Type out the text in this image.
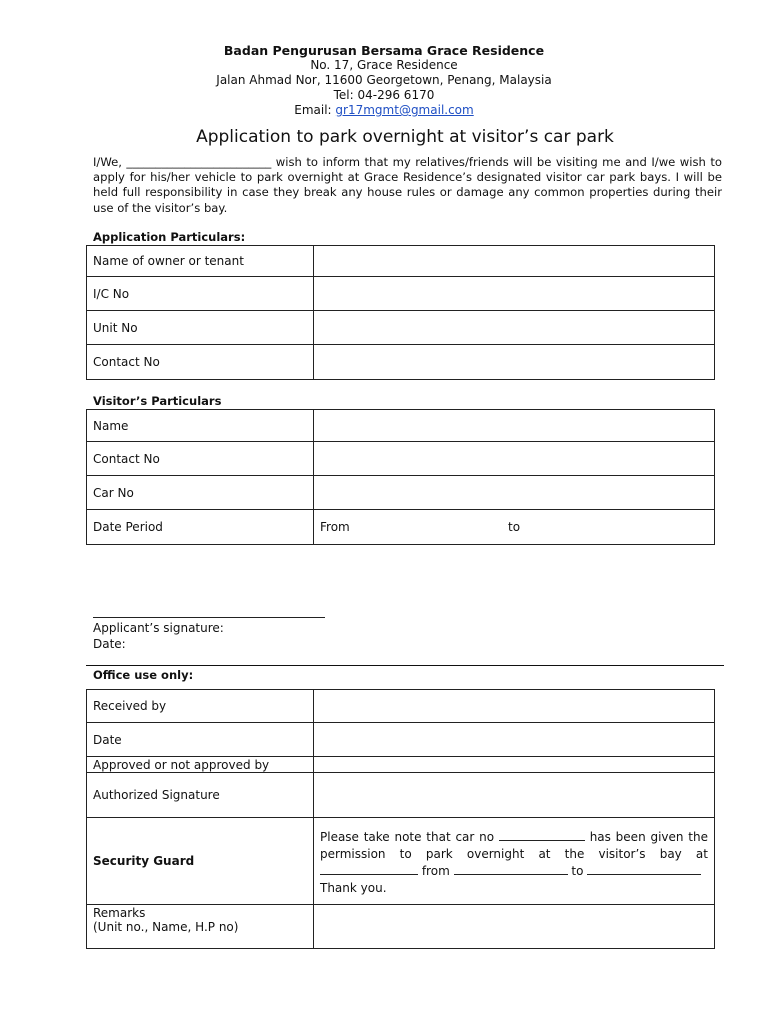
Badan Pengurusan Bersama Grace Residence
No. 17, Grace Residence
Jalan Ahmad Nor, 11600 Georgetown, Penang, Malaysia
Tel: 04-296 6170
Email: gr17mgmt@gmail.com
Application to park overnight at visitor’s car park
I/We, _________________________ wish to inform that my relatives/friends will be visiting me and I/we wish to apply for his/her vehicle to park overnight at Grace Residence’s designated visitor car park bays. I will be held full responsibility in case they break any house rules or damage any common properties during their use of the visitor’s bay.
Application Particulars:
Name of owner or tenant	
I/C No	
Unit No	
Contact No	
Visitor’s Particulars
Name	
Contact No	
Car No	
Date Period	From to
Applicant’s signature:
Date:
Office use only:
Received by	
Date	
Approved or not approved by	
Authorized Signature	
Security Guard	Please take note that car no has been given the permission to park overnight at the visitor’s bay at  from to
Thank you.

Remarks
(Unit no., Name, H.P no)	
